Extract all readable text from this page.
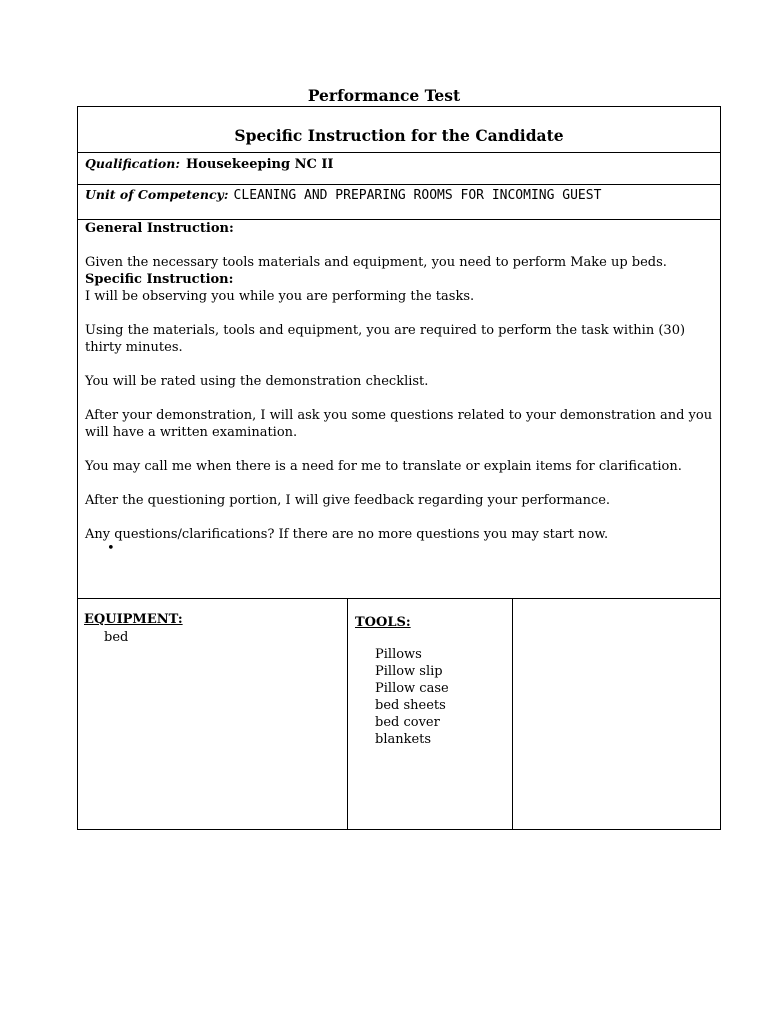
Performance Test
Specific Instruction for the Candidate
Qualification: Housekeeping NC II
Unit of Competency: CLEANING AND PREPARING ROOMS FOR INCOMING GUEST

General Instruction:

Given the necessary tools materials and equipment, you need to perform Make up beds.

Specific Instruction:

I will be observing you while you are performing the tasks.

Using the materials, tools and equipment, you are required to perform the task within (30) thirty minutes.

You will be rated using the demonstration checklist.

After your demonstration, I will ask you some questions related to your demonstration and you will have a written examination.

You may call me when there is a need for me to translate or explain items for clarification.

After the questioning portion, I will give feedback regarding your performance.

Any questions/clarifications? If there are no more questions you may start now.

•

EQUIPMENT:
bed
TOOLS:
Pillows
Pillow slip
Pillow case
bed sheets
bed cover
blankets
